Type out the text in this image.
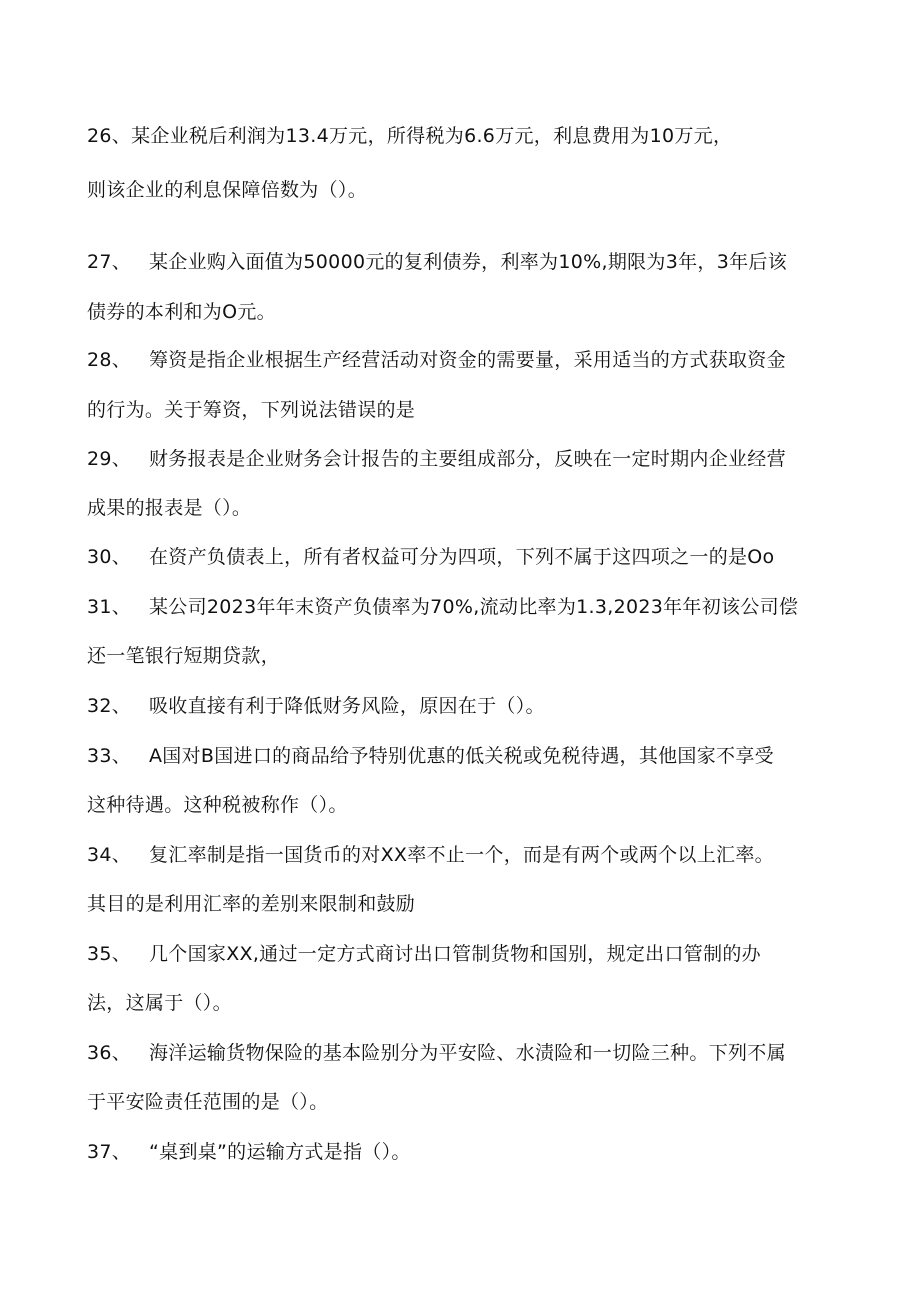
26、某企业税后利润为13.4万元，所得税为6.6万元，利息费用为10万元，
则该企业的利息保障倍数为（）。
27、 某企业购入面值为50000元的复利债券，利率为10%,期限为3年，3年后该
债券的本利和为O元。
28、 筹资是指企业根据生产经营活动对资金的需要量，采用适当的方式获取资金
的行为。关于筹资，下列说法错误的是
29、 财务报表是企业财务会计报告的主要组成部分，反映在一定时期内企业经营
成果的报表是（）。
30、 在资产负债表上，所有者权益可分为四项，下列不属于这四项之一的是Oo
31、 某公司2023年年末资产负债率为70%,流动比率为1.3,2023年年初该公司偿
还一笔银行短期贷款，
32、 吸收直接有利于降低财务风险，原因在于（）。
33、 A国对B国进口的商品给予特别优惠的低关税或免税待遇，其他国家不享受
这种待遇。这种税被称作（）。
34、 复汇率制是指一国货币的对XX率不止一个，而是有两个或两个以上汇率。
其目的是利用汇率的差别来限制和鼓励
35、 几个国家XX,通过一定方式商讨出口管制货物和国别，规定出口管制的办
法，这属于（）。
36、 海洋运输货物保险的基本险别分为平安险、水渍险和一切险三种。下列不属
于平安险责任范围的是（）。
37、 “桌到桌”的运输方式是指（）。
